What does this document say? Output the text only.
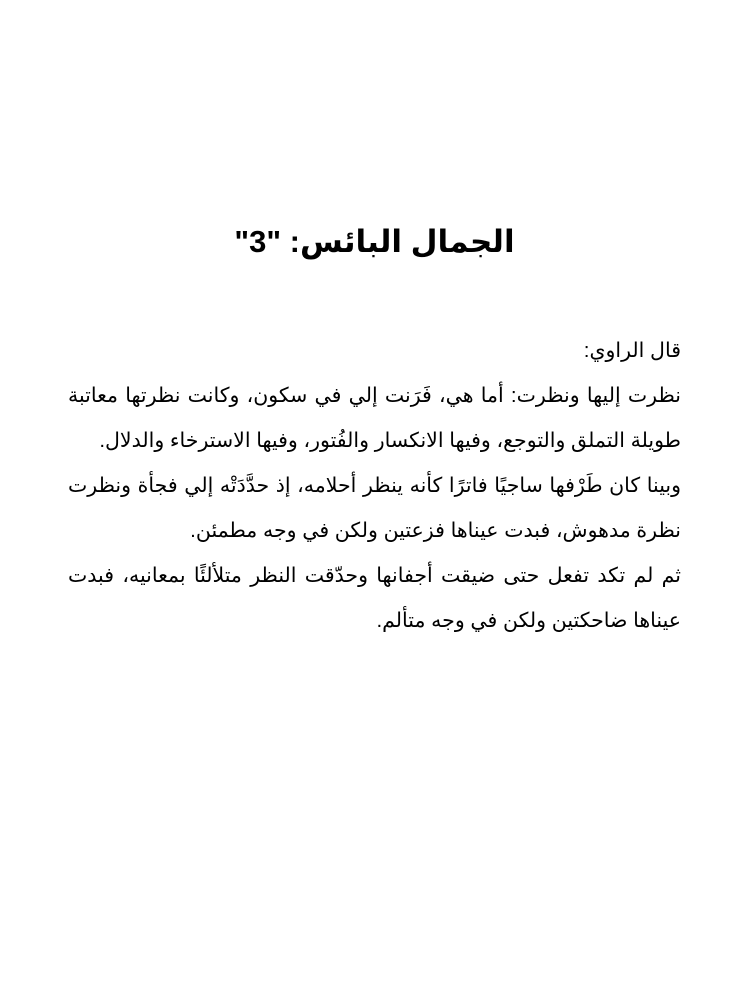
الجمال البائس: "3"

قال الراوي:

نظرت إليها ونظرت: أما هي، فَرَنت إلي في سكون، وكانت نظرتها معاتبة طويلة التملق والتوجع، وفيها الانكسار والفُتور، وفيها الاسترخاء والدلال.

وبينا كان طَرْفها ساجيًا فاترًا كأنه ينظر أحلامه، إذ حدَّدَتْه إلي فجأة ونظرت نظرة مدهوش، فبدت عيناها فزعتين ولكن في وجه مطمئن.

ثم لم تكد تفعل حتى ضيقت أجفانها وحدّقت النظر متلألئًا بمعانيه، فبدت عيناها ضاحكتين ولكن في وجه متألم.
